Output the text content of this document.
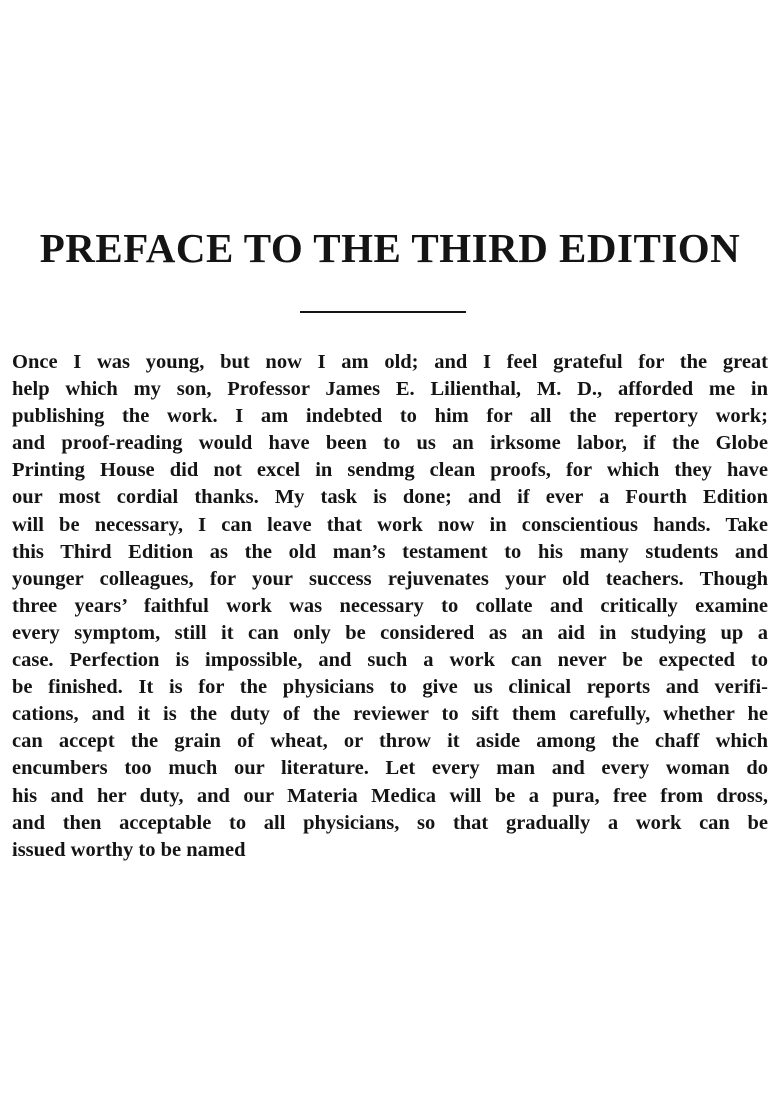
PREFACE TO THE THIRD EDITION
Once I was young, but now I am old; and I feel grateful for the great
help which my son, Professor James E. Lilienthal, M. D., afforded me in
publishing the work. I am indebted to him for all the repertory work;
and proof-reading would have been to us an irksome labor, if the Globe
Printing House did not excel in sendmg clean proofs, for which they have
our most cordial thanks. My task is done; and if ever a Fourth Edition
will be necessary, I can leave that work now in conscientious hands. Take
this Third Edition as the old man’s testament to his many students and
younger colleagues, for your success rejuvenates your old teachers. Though
three years’ faithful work was necessary to collate and critically examine
every symptom, still it can only be considered as an aid in studying up a
case. Perfection is impossible, and such a work can never be expected to
be finished. It is for the physicians to give us clinical reports and verifi-
cations, and it is the duty of the reviewer to sift them carefully, whether he
can accept the grain of wheat, or throw it aside among the chaff which
encumbers too much our literature. Let every man and every woman do
his and her duty, and our Materia Medica will be a pura, free from dross,
and then acceptable to all physicians, so that gradually a work can be
issued worthy to be named
